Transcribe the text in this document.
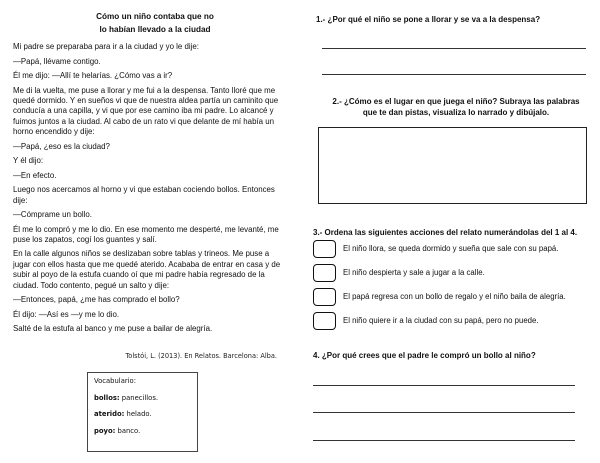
Cómo un niño contaba que no
lo habían llevado a la ciudad

Mi padre se preparaba para ir a la ciudad y yo le dije:

—Papá, llévame contigo.

Él me dijo: —Allí te helarías. ¿Cómo vas a ir?

Me di la vuelta, me puse a llorar y me fui a la despensa. Tanto lloré que me quedé dormido. Y en sueños vi que de nuestra aldea partía un caminito que conducía a una capilla, y vi que por ese camino iba mi padre. Lo alcancé y fuimos juntos a la ciudad. Al cabo de un rato vi que delante de mí había un horno encendido y dije:

—Papá, ¿eso es la ciudad?

Y él dijo:

—En efecto.

Luego nos acercamos al horno y vi que estaban cociendo bollos. Entonces dije:

—Cómprame un bollo.

Él me lo compró y me lo dio. En ese momento me desperté, me levanté, me puse los zapatos, cogí los guantes y salí.

En la calle algunos niños se deslizaban sobre tablas y trineos. Me puse a jugar con ellos hasta que me quedé aterido. Acababa de entrar en casa y de subir al poyo de la estufa cuando oí que mi padre había regresado de la ciudad. Todo contento, pegué un salto y dije:

—Entonces, papá, ¿me has comprado el bollo?

Él dijo: —Así es —y me lo dio.

Salté de la estufa al banco y me puse a bailar de alegría.

Tolstói, L. (2013). En Relatos. Barcelona: Alba.
Vocabulario:
bollos: panecillos.
aterido: helado.
poyo: banco.
1.- ¿Por qué el niño se pone a llorar y se va a la despensa?
2.- ¿Cómo es el lugar en que juega el niño? Subraya las palabras
que te dan pistas, visualiza lo narrado y dibújalo.
3.- Ordena las siguientes acciones del relato numerándolas del 1 al 4.
El niño llora, se queda dormido y sueña que sale con su papá.
El niño despierta y sale a jugar a la calle.
El papá regresa con un bollo de regalo y el niño baila de alegría.
El niño quiere ir a la ciudad con su papá, pero no puede.
4. ¿Por qué crees que el padre le compró un bollo al niño?
